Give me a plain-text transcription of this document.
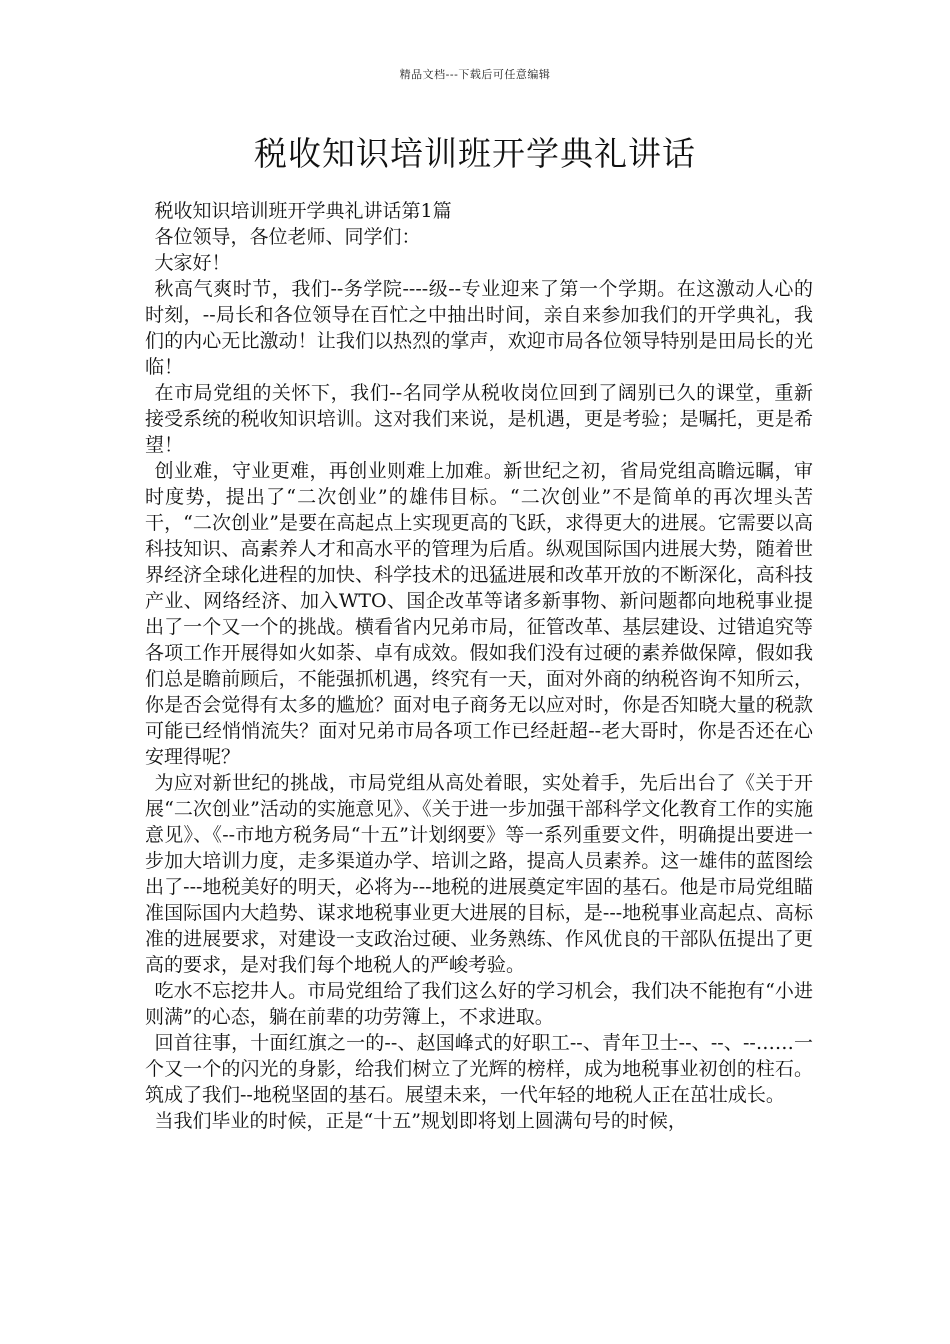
精品文档---下载后可任意编辑
税收知识培训班开学典礼讲话

税收知识培训班开学典礼讲话第1篇

各位领导，各位老师、同学们：

大家好！

秋高气爽时节，我们--务学院----级--专业迎来了第一个学期。在这激动人心的时刻，--局长和各位领导在百忙之中抽出时间，亲自来参加我们的开学典礼，我们的内心无比激动！让我们以热烈的掌声，欢迎市局各位领导特别是田局长的光临！

在市局党组的关怀下，我们--名同学从税收岗位回到了阔别已久的课堂，重新接受系统的税收知识培训。这对我们来说，是机遇，更是考验；是嘱托，更是希望！

创业难，守业更难，再创业则难上加难。新世纪之初，省局党组高瞻远瞩，审时度势，提出了“二次创业”的雄伟目标。“二次创业”不是简单的再次埋头苦干，“二次创业”是要在高起点上实现更高的飞跃，求得更大的进展。它需要以高科技知识、高素养人才和高水平的管理为后盾。纵观国际国内进展大势，随着世界经济全球化进程的加快、科学技术的迅猛进展和改革开放的不断深化，高科技产业、网络经济、加入WTO、国企改革等诸多新事物、新问题都向地税事业提出了一个又一个的挑战。横看省内兄弟市局，征管改革、基层建设、过错追究等各项工作开展得如火如荼、卓有成效。假如我们没有过硬的素养做保障，假如我们总是瞻前顾后，不能强抓机遇，终究有一天，面对外商的纳税咨询不知所云，你是否会觉得有太多的尴尬？面对电子商务无以应对时，你是否知晓大量的税款可能已经悄悄流失？面对兄弟市局各项工作已经赶超--老大哥时，你是否还在心安理得呢？

为应对新世纪的挑战，市局党组从高处着眼，实处着手，先后出台了《关于开展“二次创业”活动的实施意见》、《关于进一步加强干部科学文化教育工作的实施意见》、《--市地方税务局“十五”计划纲要》等一系列重要文件，明确提出要进一步加大培训力度，走多渠道办学、培训之路，提高人员素养。这一雄伟的蓝图绘出了---地税美好的明天，必将为---地税的进展奠定牢固的基石。他是市局党组瞄准国际国内大趋势、谋求地税事业更大进展的目标，是---地税事业高起点、高标准的进展要求，对建设一支政治过硬、业务熟练、作风优良的干部队伍提出了更高的要求，是对我们每个地税人的严峻考验。

吃水不忘挖井人。市局党组给了我们这么好的学习机会，我们决不能抱有“小进则满”的心态，躺在前辈的功劳簿上，不求进取。

回首往事，十面红旗之一的--、赵国峰式的好职工--、青年卫士--、--、--……一个又一个的闪光的身影，给我们树立了光辉的榜样，成为地税事业初创的柱石。筑成了我们--地税坚固的基石。展望未来，一代年轻的地税人正在茁壮成长。

当我们毕业的时候，正是“十五”规划即将划上圆满句号的时候，
